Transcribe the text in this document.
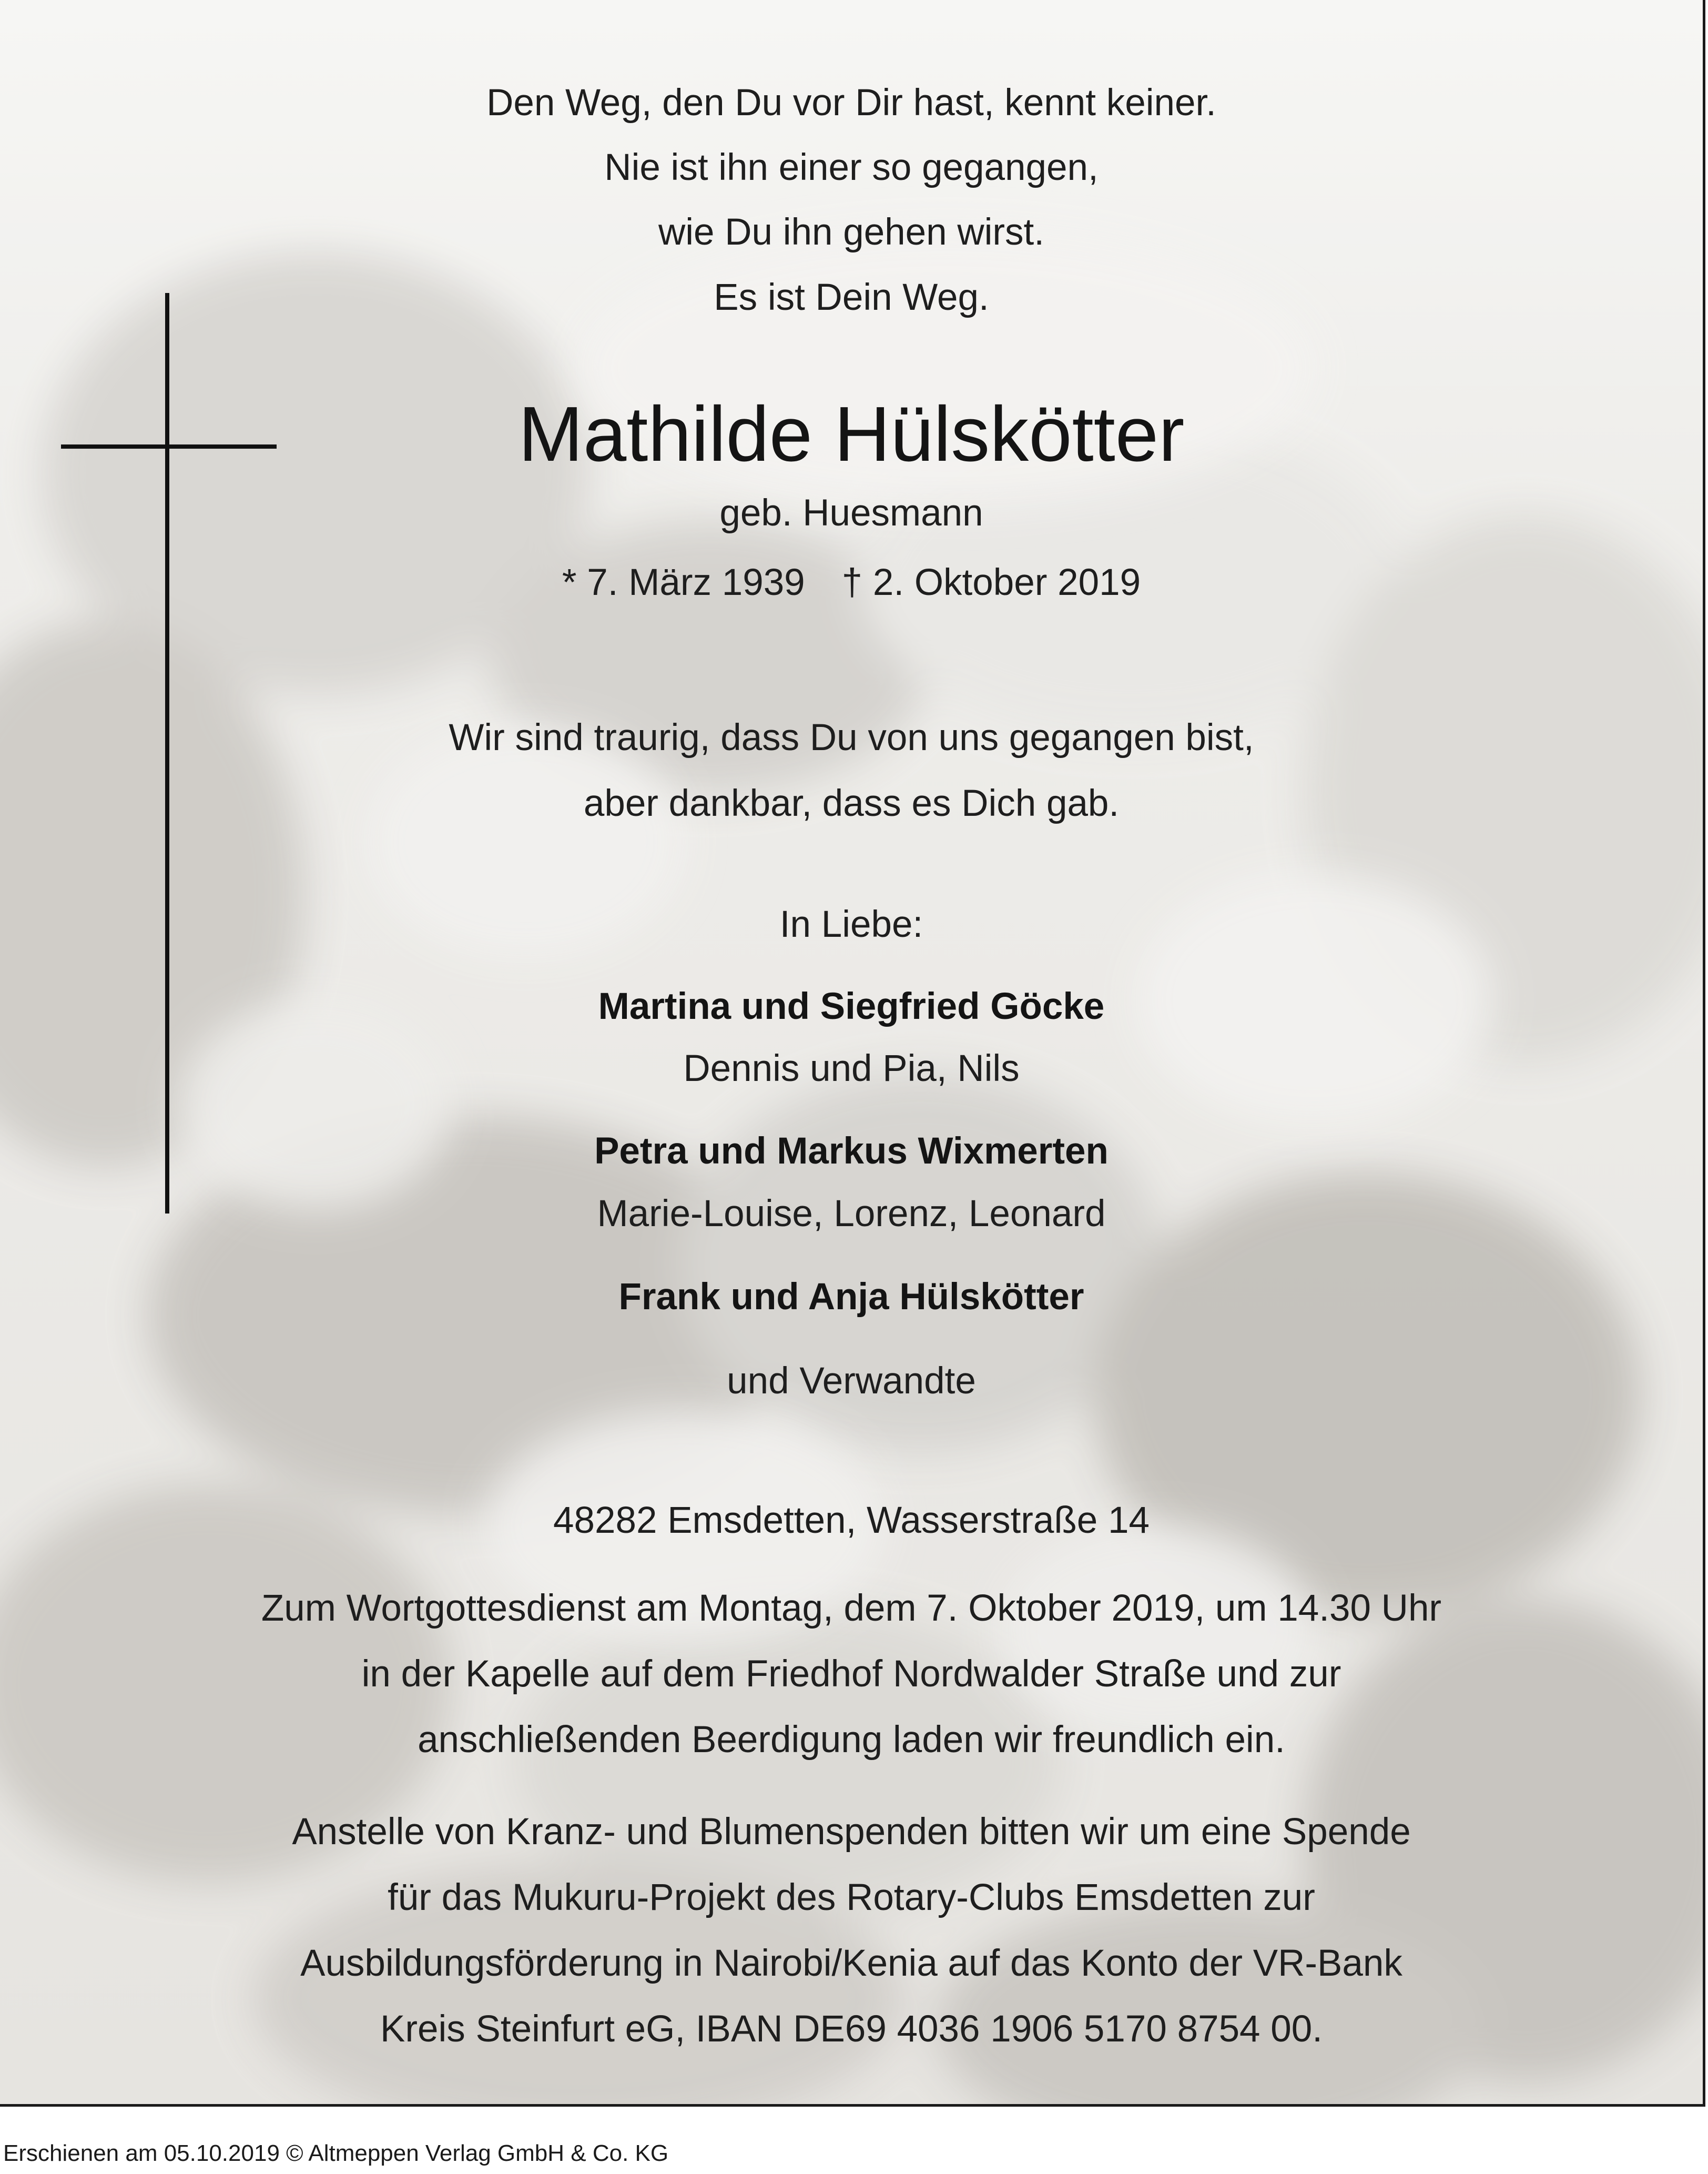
Den Weg, den Du vor Dir hast, kennt keiner.
Nie ist ihn einer so gegangen,
wie Du ihn gehen wirst.
Es ist Dein Weg.
Mathilde Hülskötter
geb. Huesmann
* 7. März 1939 † 2. Oktober 2019
Wir sind traurig, dass Du von uns gegangen bist,
aber dankbar, dass es Dich gab.
In Liebe:
Martina und Siegfried Göcke
Dennis und Pia, Nils
Petra und Markus Wixmerten
Marie-Louise, Lorenz, Leonard
Frank und Anja Hülskötter
und Verwandte
48282 Emsdetten, Wasserstraße 14
Zum Wortgottesdienst am Montag, dem 7. Oktober 2019, um 14.30 Uhr
in der Kapelle auf dem Friedhof Nordwalder Straße und zur
anschließenden Beerdigung laden wir freundlich ein.
Anstelle von Kranz- und Blumenspenden bitten wir um eine Spende
für das Mukuru-Projekt des Rotary-Clubs Emsdetten zur
Ausbildungsförderung in Nairobi/Kenia auf das Konto der VR-Bank
Kreis Steinfurt eG, IBAN DE69 4036 1906 5170 8754 00.
Erschienen am 05.10.2019 © Altmeppen Verlag GmbH & Co. KG
